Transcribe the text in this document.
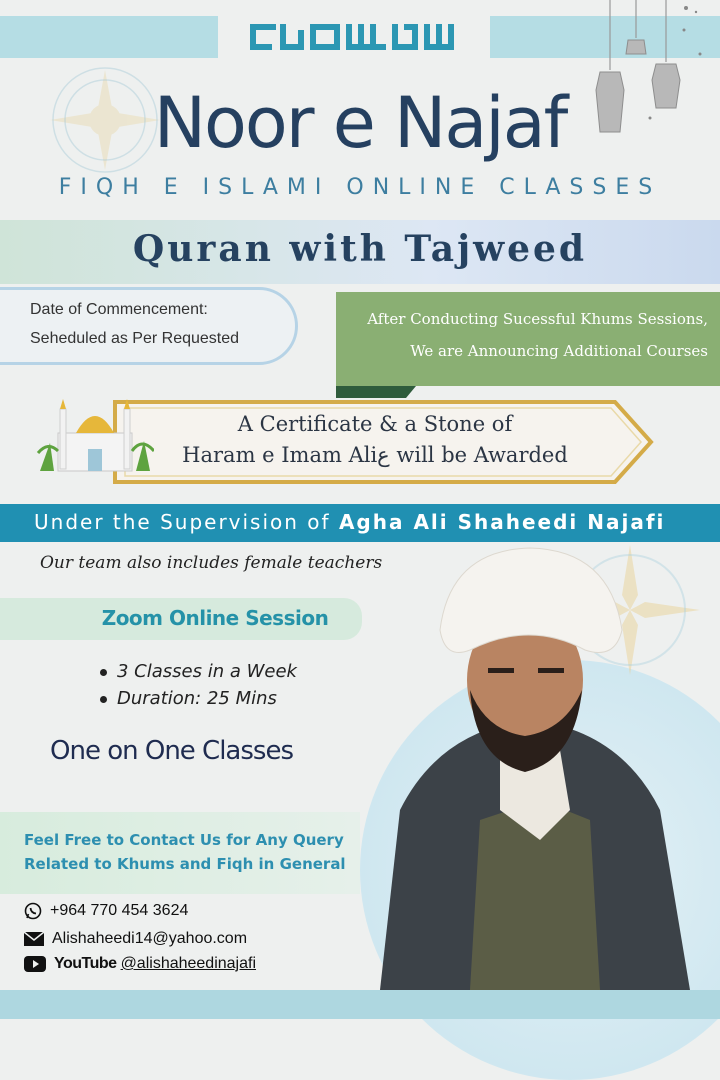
Noor e Najaf
FIQH E ISLAMI ONLINE CLASSES
Quran with Tajweed
Date of Commencement:
Seheduled as Per Requested
After Conducting Sucessful Khums Sessions,
We are Announcing Additional Courses
A Certificate & a Stone of
Haram e Imam Aliع will be Awarded
Under the Supervision of Agha Ali Shaheedi Najafi
Our team also includes female teachers
Zoom Online Session
3 Classes in a Week
Duration: 25 Mins
One on One Classes
Feel Free to Contact Us for Any Query
Related to Khums and Fiqh in General
+964 770 454 3624
Alishaheedi14@yahoo.com
YouTube @alishaheedinajafi
